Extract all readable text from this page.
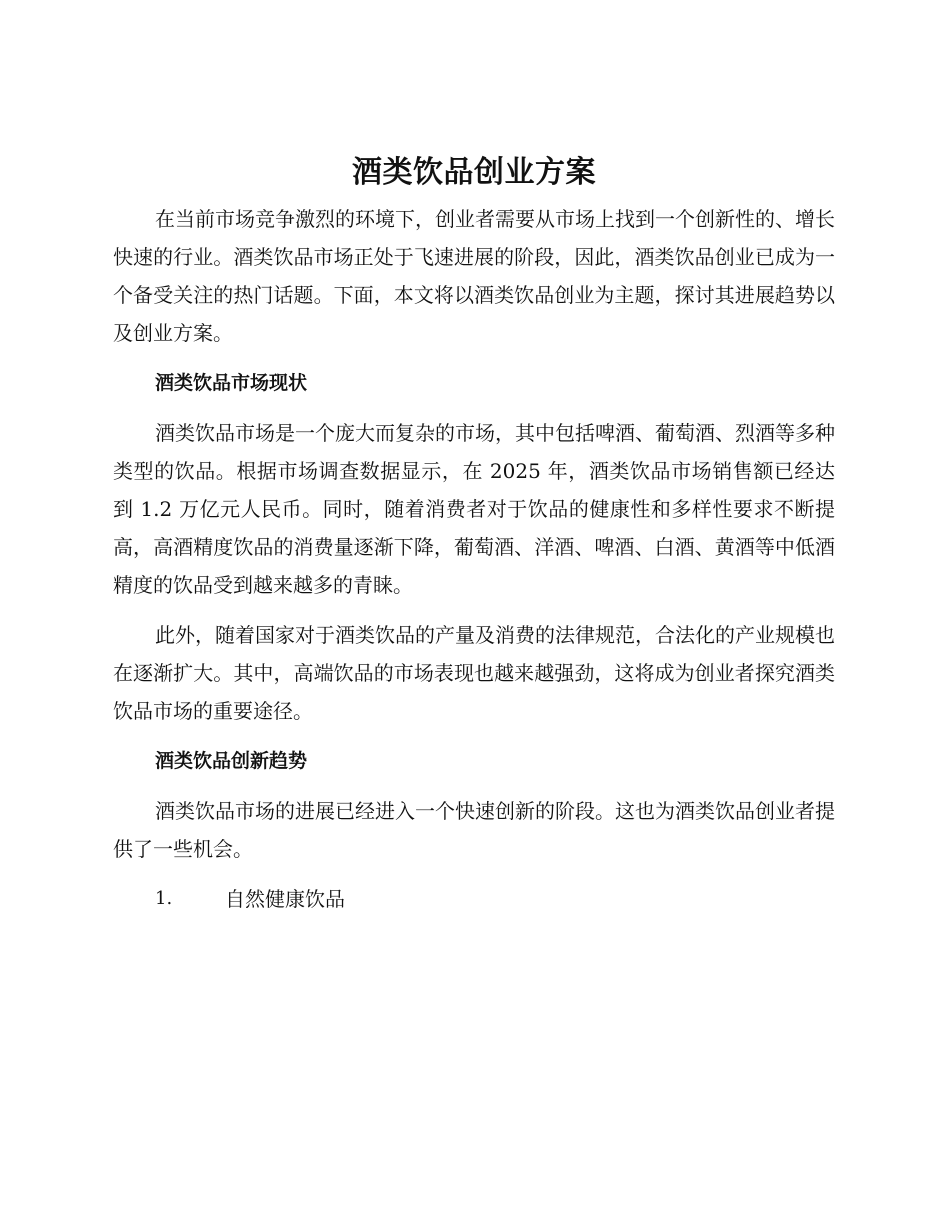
酒类饮品创业方案

在当前市场竞争激烈的环境下，创业者需要从市场上找到一个创新性的、增长快速的行业。酒类饮品市场正处于飞速进展的阶段，因此，酒类饮品创业已成为一个备受关注的热门话题。下面，本文将以酒类饮品创业为主题，探讨其进展趋势以及创业方案。

酒类饮品市场现状

酒类饮品市场是一个庞大而复杂的市场，其中包括啤酒、葡萄酒、烈酒等多种类型的饮品。根据市场调查数据显示，在 2025 年，酒类饮品市场销售额已经达到 1.2 万亿元人民币。同时，随着消费者对于饮品的健康性和多样性要求不断提高，高酒精度饮品的消费量逐渐下降，葡萄酒、洋酒、啤酒、白酒、黄酒等中低酒精度的饮品受到越来越多的青睐。

此外，随着国家对于酒类饮品的产量及消费的法律规范，合法化的产业规模也在逐渐扩大。其中，高端饮品的市场表现也越来越强劲，这将成为创业者探究酒类饮品市场的重要途径。

酒类饮品创新趋势

酒类饮品市场的进展已经进入一个快速创新的阶段。这也为酒类饮品创业者提供了一些机会。

1.	自然健康饮品
